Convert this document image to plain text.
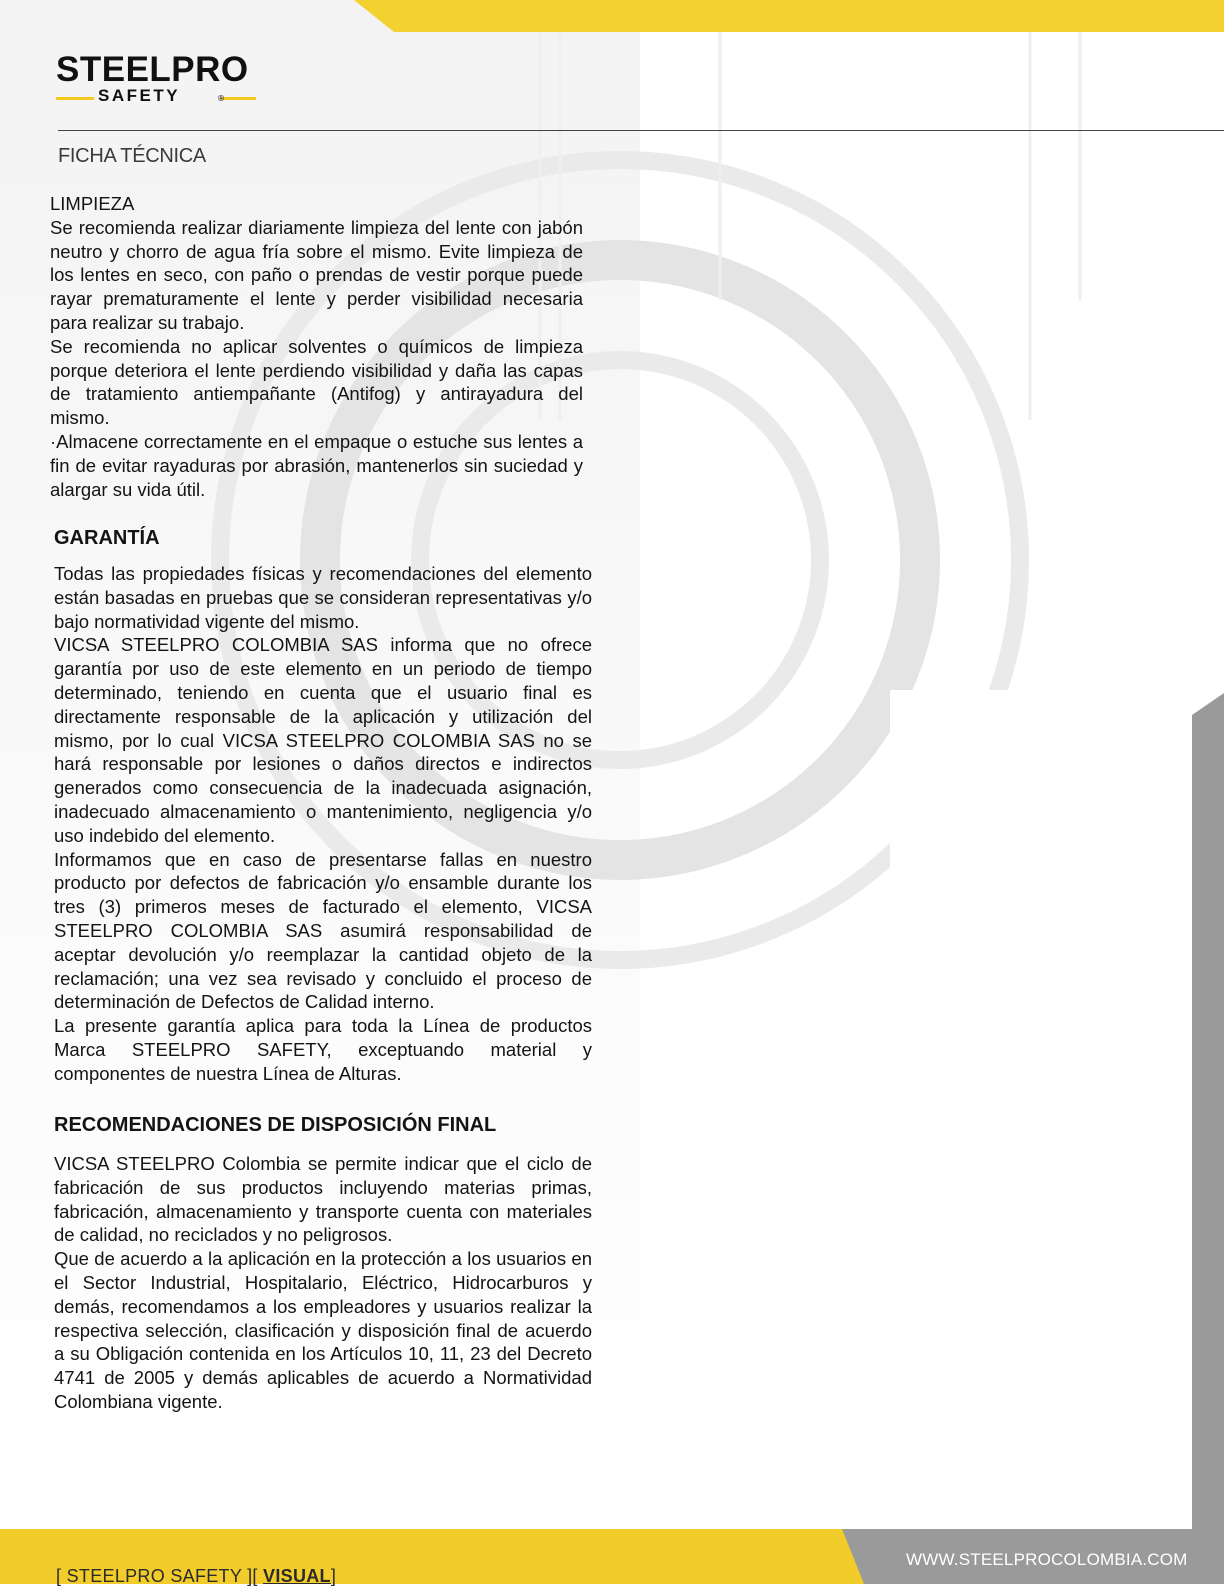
STEELPRO
SAFETY	®
FICHA TÉCNICA
LIMPIEZA

Se recomienda realizar diariamente limpieza del lente con jabón neutro y chorro de agua fría sobre el mismo. Evite limpieza de los lentes en seco, con paño o prendas de vestir porque puede rayar prematuramente el lente y perder visibilidad necesaria para realizar su trabajo.

Se recomienda no aplicar solventes o químicos de limpieza porque deteriora el lente perdiendo visibilidad y daña las capas de tratamiento antiempañante (Antifog) y antirayadura del mismo.

·Almacene correctamente en el empaque o estuche sus lentes a fin de evitar rayaduras por abrasión, mantenerlos sin suciedad y alargar su vida útil.

GARANTÍA

Todas las propiedades físicas y recomendaciones del elemento están basadas en pruebas que se consideran representativas y/o bajo normatividad vigente del mismo.

VICSA STEELPRO COLOMBIA SAS informa que no ofrece garantía por uso de este elemento en un periodo de tiempo determinado, teniendo en cuenta que el usuario final es directamente responsable de la aplicación y utilización del mismo, por lo cual VICSA STEELPRO COLOMBIA SAS no se hará responsable por lesiones o daños directos e indirectos generados como consecuencia de la inadecuada asignación, inadecuado almacenamiento o mantenimiento, negligencia y/o uso indebido del elemento.

Informamos que en caso de presentarse fallas en nuestro producto por defectos de fabricación y/o ensamble durante los tres (3) primeros meses de facturado el elemento, VICSA STEELPRO COLOMBIA SAS asumirá responsabilidad de aceptar devolución y/o reemplazar la cantidad objeto de la reclamación; una vez sea revisado y concluido el proceso de determinación de Defectos de Calidad interno.

La presente garantía aplica para toda la Línea de productos Marca STEELPRO SAFETY, exceptuando material y componentes de nuestra Línea de Alturas.

RECOMENDACIONES DE DISPOSICIÓN FINAL

VICSA STEELPRO Colombia se permite indicar que el ciclo de fabricación de sus productos incluyendo materias primas, fabricación, almacenamiento y transporte cuenta con materiales de calidad, no reciclados y no peligrosos.

Que de acuerdo a la aplicación en la protección a los usuarios en el Sector Industrial, Hospitalario, Eléctrico, Hidrocarburos y demás, recomendamos a los empleadores y usuarios realizar la respectiva selección, clasificación y disposición final de acuerdo a su Obligación contenida en los Artículos 10, 11, 23 del Decreto 4741 de 2005 y demás aplicables de acuerdo a Normatividad Colombiana vigente.

[ STEELPRO SAFETY ][ VISUAL]
WWW.STEELPROCOLOMBIA.COM
